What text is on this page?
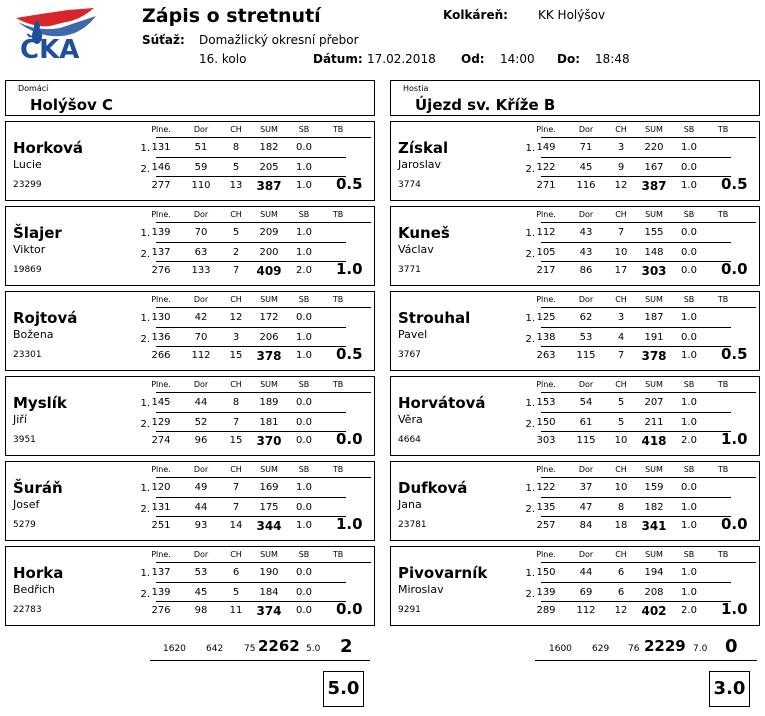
ČKA
Zápis o stretnutí
Súťaž: Domažlický okresní přebor
16. kolo	Dátum: 17.02.2018 Od: 14:00 Do: 18:48
Kolkáreň:	KK Holýšov
Domácí
Holýšov C
Hostia
Újezd sv. Kříže B
Horková
Lucie
23299
Plne.	Dor	CH	SUM	SB	TB
1.
2.
131	51	8	182	0.0
146	59	5	205	1.0
277	110	13	387	1.0	0.5
Šlajer
Viktor
19869
Plne.	Dor	CH	SUM	SB	TB
1.
2.
139	70	5	209	1.0
137	63	2	200	1.0
276	133	7	409	2.0	1.0
Rojtová
Božena
23301
Plne.	Dor	CH	SUM	SB	TB
1.
2.
130	42	12	172	0.0
136	70	3	206	1.0
266	112	15	378	1.0	0.5
Myslík
Jiří
3951
Plne.	Dor	CH	SUM	SB	TB
1.
2.
145	44	8	189	0.0
129	52	7	181	0.0
274	96	15	370	0.0	0.0
Šuráň
Josef
5279
Plne.	Dor	CH	SUM	SB	TB
1.
2.
120	49	7	169	1.0
131	44	7	175	0.0
251	93	14	344	1.0	1.0
Horka
Bedřich
22783
Plne.	Dor	CH	SUM	SB	TB
1.
2.
137	53	6	190	0.0
139	45	5	184	0.0
276	98	11	374	0.0	0.0
Získal
Jaroslav
3774
Plne.	Dor	CH	SUM	SB	TB
1.
2.
149	71	3	220	1.0
122	45	9	167	0.0
271	116	12	387	1.0	0.5
Kuneš
Václav
3771
Plne.	Dor	CH	SUM	SB	TB
1.
2.
112	43	7	155	0.0
105	43	10	148	0.0
217	86	17	303	0.0	0.0
Strouhal
Pavel
3767
Plne.	Dor	CH	SUM	SB	TB
1.
2.
125	62	3	187	1.0
138	53	4	191	0.0
263	115	7	378	1.0	0.5
Horvátová
Věra
4664
Plne.	Dor	CH	SUM	SB	TB
1.
2.
153	54	5	207	1.0
150	61	5	211	1.0
303	115	10	418	2.0	1.0
Dufková
Jana
23781
Plne.	Dor	CH	SUM	SB	TB
1.
2.
122	37	10	159	0.0
135	47	8	182	1.0
257	84	18	341	1.0	0.0
Pivovarník
Miroslav
9291
Plne.	Dor	CH	SUM	SB	TB
1.
2.
150	44	6	194	1.0
139	69	6	208	1.0
289	112	12	402	2.0	1.0
1620 642 75 2262 5.0 2
5.0
1600 629 76 2229 7.0 0
3.0
